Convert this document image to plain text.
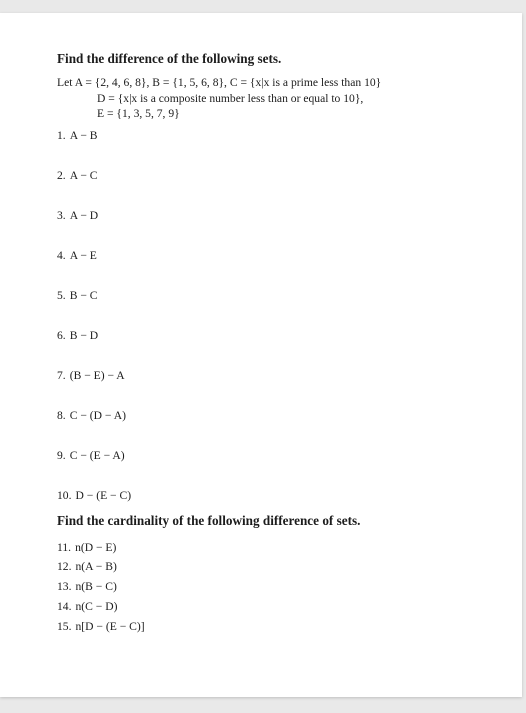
Find the difference of the following sets.
Let A = {2, 4, 6, 8}, B = {1, 5, 6, 8}, C = {x|x is a prime less than 10}
D = {x|x is a composite number less than or equal to 10},
E = {1, 3, 5, 7, 9}
1. A − B
2. A − C
3. A − D
4. A − E
5. B − C
6. B − D
7. (B − E) − A
8. C − (D − A)
9. C − (E − A)
10. D − (E − C)
Find the cardinality of the following difference of sets.
11. n(D − E)
12. n(A − B)
13. n(B − C)
14. n(C − D)
15. n[D − (E − C)]
